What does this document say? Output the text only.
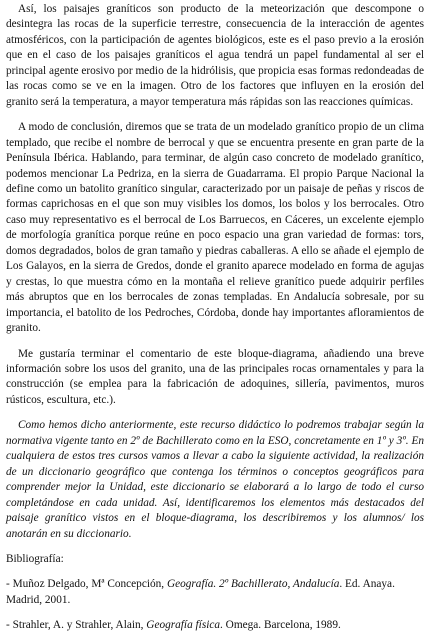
Así, los paisajes graníticos son producto de la meteorización que descompone o desintegra las rocas de la superficie terrestre, consecuencia de la interacción de agentes atmosféricos, con la participación de agentes biológicos, este es el paso previo a la erosión que en el caso de los paisajes graníticos el agua tendrá un papel fundamental al ser el principal agente erosivo por medio de la hidrólisis, que propicia esas formas redondeadas de las rocas como se ve en la imagen. Otro de los factores que influyen en la erosión del granito será la temperatura, a mayor temperatura más rápidas son las reacciones químicas.

A modo de conclusión, diremos que se trata de un modelado granítico propio de un clima templado, que recibe el nombre de berrocal y que se encuentra presente en gran parte de la Península Ibérica. Hablando, para terminar, de algún caso concreto de modelado granítico, podemos mencionar La Pedriza, en la sierra de Guadarrama. El propio Parque Nacional la define como un batolito granítico singular, caracterizado por un paisaje de peñas y riscos de formas caprichosas en el que son muy visibles los domos, los bolos y los berrocales. Otro caso muy representativo es el berrocal de Los Barruecos, en Cáceres, un excelente ejemplo de morfología granítica porque reúne en poco espacio una gran variedad de formas: tors, domos degradados, bolos de gran tamaño y piedras caballeras. A ello se añade el ejemplo de Los Galayos, en la sierra de Gredos, donde el granito aparece modelado en forma de agujas y crestas, lo que muestra cómo en la montaña el relieve granítico puede adquirir perfiles más abruptos que en los berrocales de zonas templadas. En Andalucía sobresale, por su importancia, el batolito de los Pedroches, Córdoba, donde hay importantes afloramientos de granito.

Me gustaría terminar el comentario de este bloque-diagrama, añadiendo una breve información sobre los usos del granito, una de las principales rocas ornamentales y para la construcción (se emplea para la fabricación de adoquines, sillería, pavimentos, muros rústicos, escultura, etc.).

Como hemos dicho anteriormente, este recurso didáctico lo podremos trabajar según la normativa vigente tanto en 2º de Bachillerato como en la ESO, concretamente en 1º y 3º. En cualquiera de estos tres cursos vamos a llevar a cabo la siguiente actividad, la realización de un diccionario geográfico que contenga los términos o conceptos geográficos para comprender mejor la Unidad, este diccionario se elaborará a lo largo de todo el curso completándose en cada unidad. Así, identificaremos los elementos más destacados del paisaje granítico vistos en el bloque-diagrama, los describiremos y los alumnos/ los anotarán en su diccionario.

Bibliografía:
- Muñoz Delgado, Mª Concepción, Geografía. 2º Bachillerato, Andalucía. Ed. Anaya. Madrid, 2001.
- Strahler, A. y Strahler, Alain, Geografía física. Omega. Barcelona, 1989.
